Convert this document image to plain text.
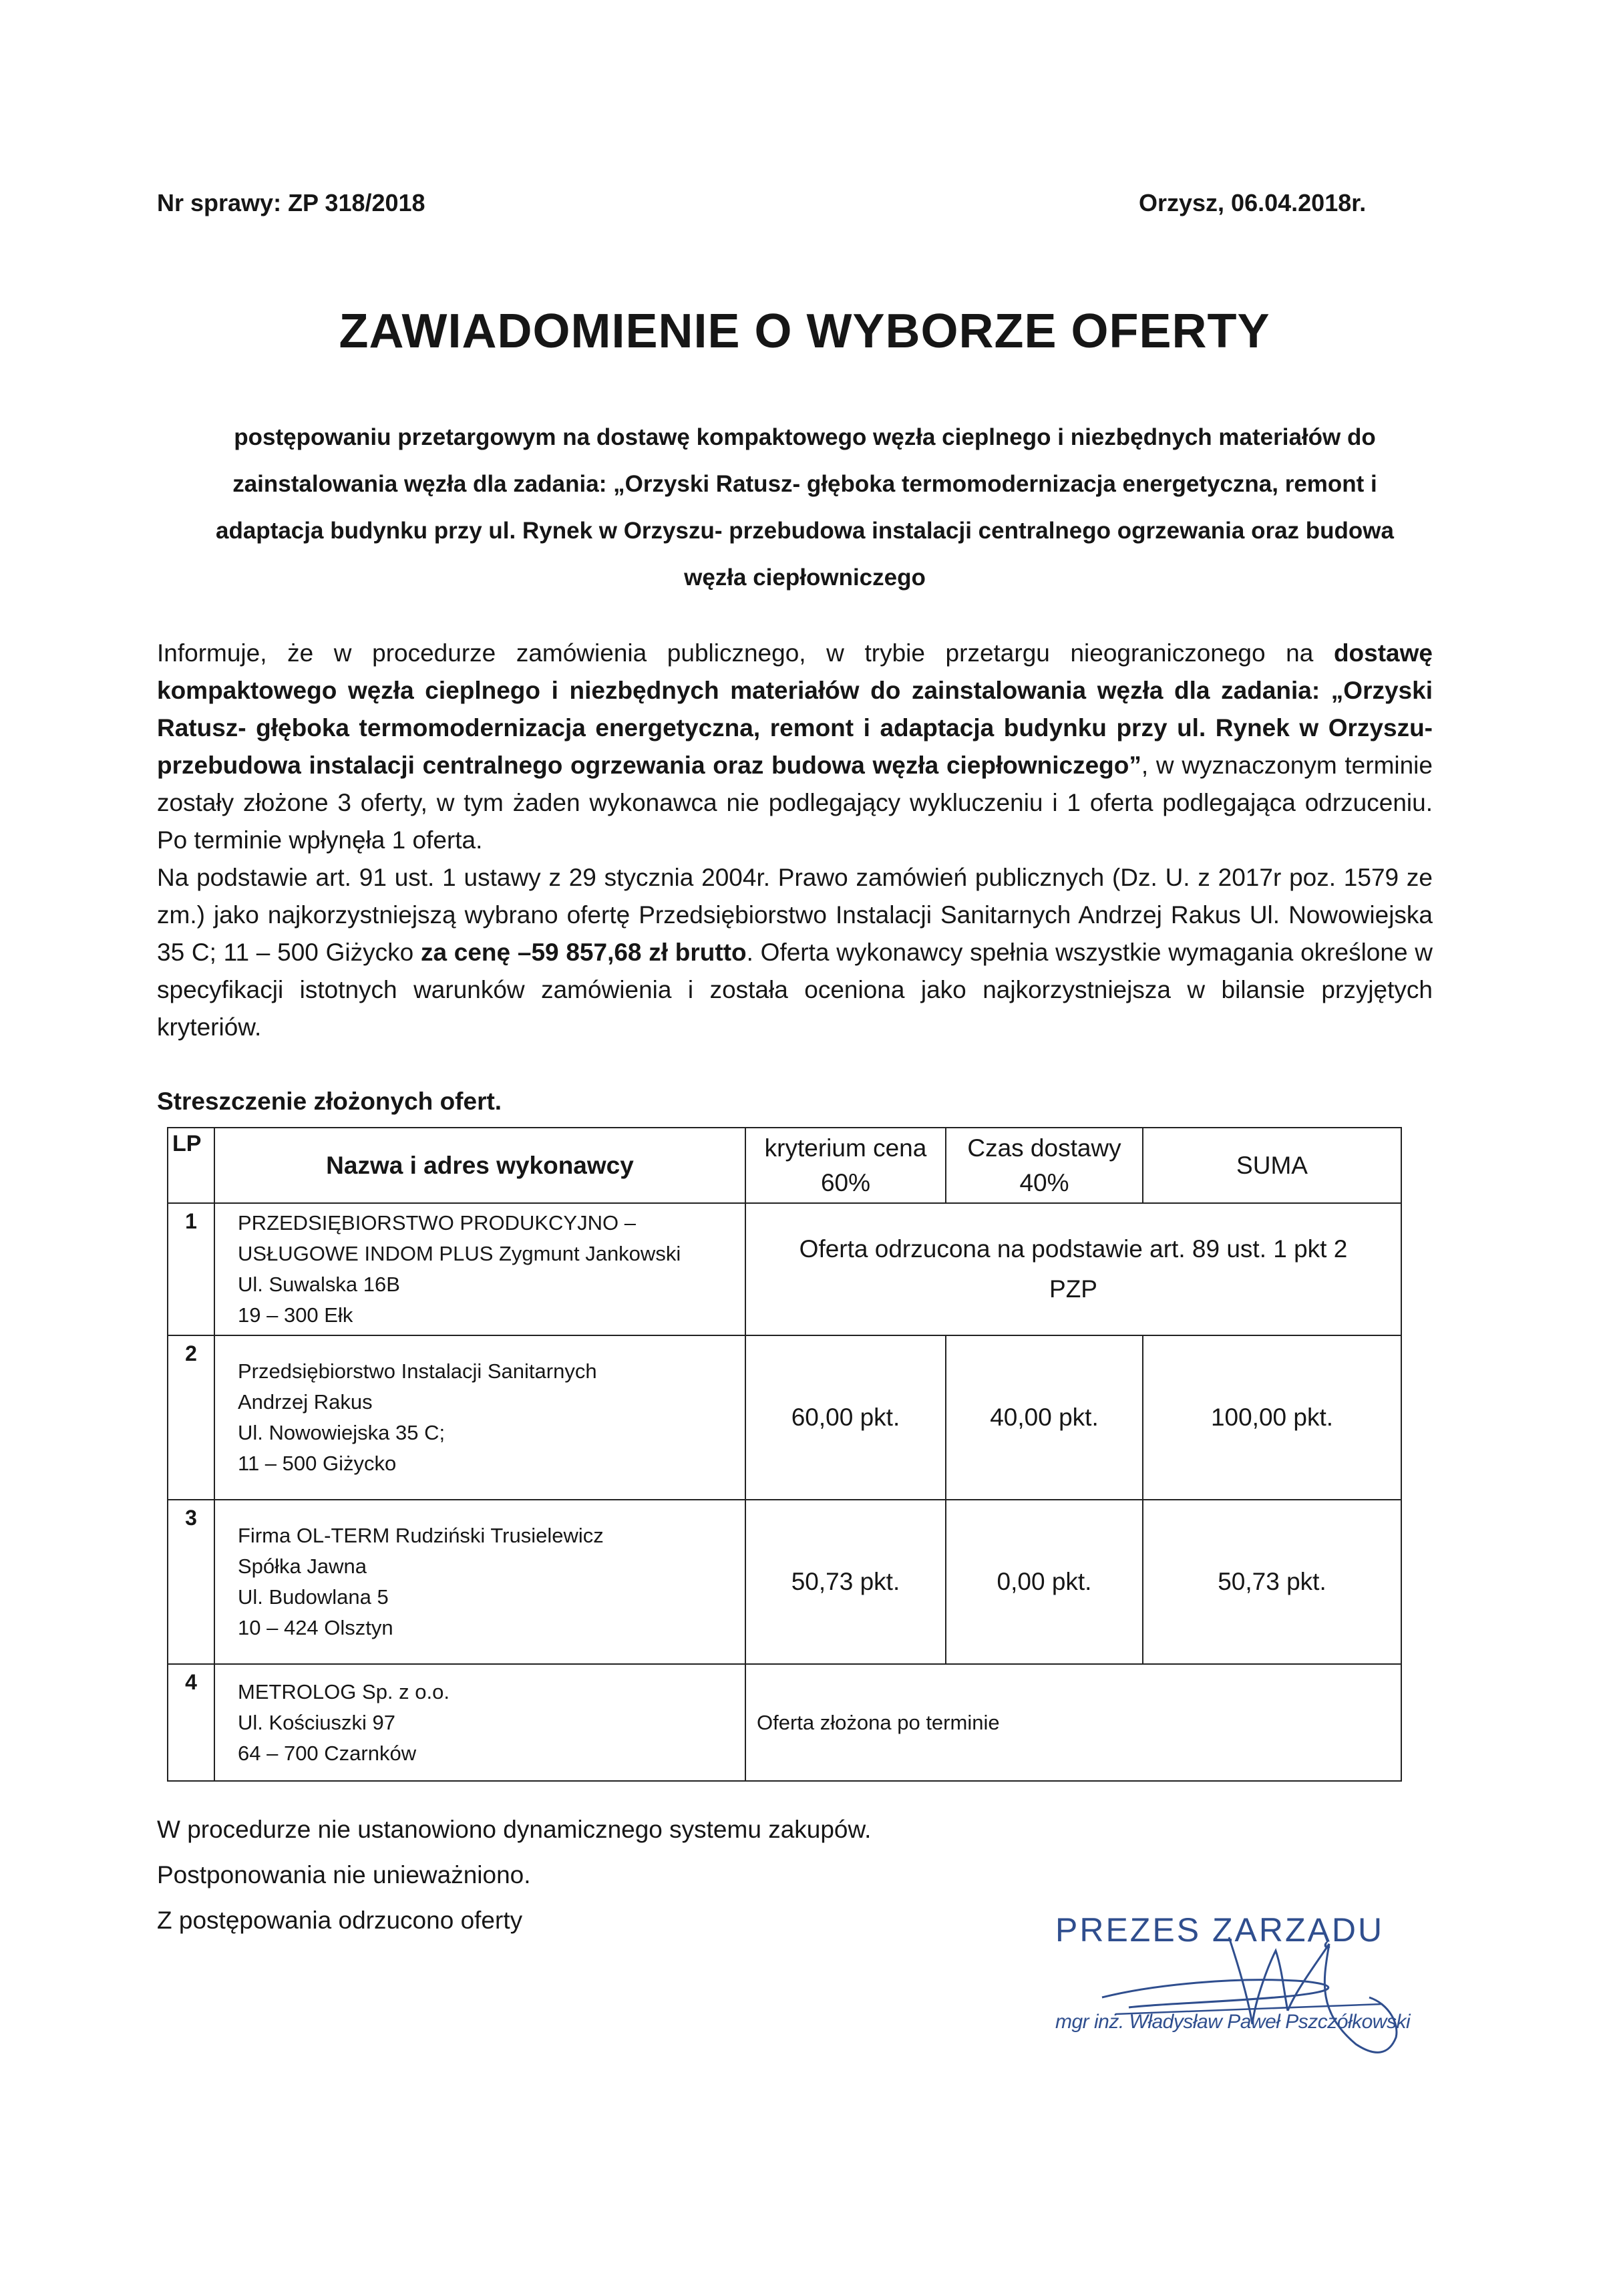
Nr sprawy: ZP 318/2018	Orzysz, 06.04.2018r.
ZAWIADOMIENIE O WYBORZE OFERTY
postępowaniu przetargowym na dostawę kompaktowego węzła cieplnego i niezbędnych materiałów do zainstalowania węzła dla zadania: „Orzyski Ratusz- głęboka termomodernizacja energetyczna, remont i adaptacja budynku przy ul. Rynek w Orzyszu- przebudowa instalacji centralnego ogrzewania oraz budowa węzła ciepłowniczego

Informuje, że w procedurze zamówienia publicznego, w trybie przetargu nieograniczonego na dostawę kompaktowego węzła cieplnego i niezbędnych materiałów do zainstalowania węzła dla zadania: „Orzyski Ratusz- głęboka termomodernizacja energetyczna, remont i adaptacja budynku przy ul. Rynek w Orzyszu- przebudowa instalacji centralnego ogrzewania oraz budowa węzła ciepłowniczego”, w wyznaczonym terminie zostały złożone 3 oferty, w tym żaden wykonawca nie podlegający wykluczeniu i 1 oferta podlegająca odrzuceniu. Po terminie wpłynęła 1 oferta.

Na podstawie art. 91 ust. 1 ustawy z 29 stycznia 2004r. Prawo zamówień publicznych (Dz. U. z 2017r poz. 1579 ze zm.) jako najkorzystniejszą wybrano ofertę Przedsiębiorstwo Instalacji Sanitarnych Andrzej Rakus Ul. Nowowiejska 35 C; 11 – 500 Giżycko za cenę –59 857,68 zł brutto. Oferta wykonawcy spełnia wszystkie wymagania określone w specyfikacji istotnych warunków zamówienia i została oceniona jako najkorzystniejsza w bilansie przyjętych kryteriów.

Streszczenie złożonych ofert.
LP	Nazwa i adres wykonawcy	kryterium cena 60%	Czas dostawy 40%	SUMA
1	PRZEDSIĘBIORSTWO PRODUKCYJNO –
USŁUGOWE INDOM PLUS Zygmunt Jankowski
Ul. Suwalska 16B
19 – 300 Ełk	Oferta odrzucona na podstawie art. 89 ust. 1 pkt 2 PZP		
2	Przedsiębiorstwo Instalacji Sanitarnych
Andrzej Rakus
Ul. Nowowiejska 35 C;
11 – 500 Giżycko	60,00 pkt.	40,00 pkt.	100,00 pkt.
3	Firma OL-TERM Rudziński Trusielewicz
Spółka Jawna
Ul. Budowlana 5
10 – 424 Olsztyn	50,73 pkt.	0,00 pkt.	50,73 pkt.
4	METROLOG Sp. z o.o.
Ul. Kościuszki 97
64 – 700 Czarnków	Oferta złożona po terminie		
W procedurze nie ustanowiono dynamicznego systemu zakupów.
Postponowania nie unieważniono.
Z postępowania odrzucono oferty	PREZES ZARZĄDU
mgr inż. Władysław Paweł Pszczółkowski
